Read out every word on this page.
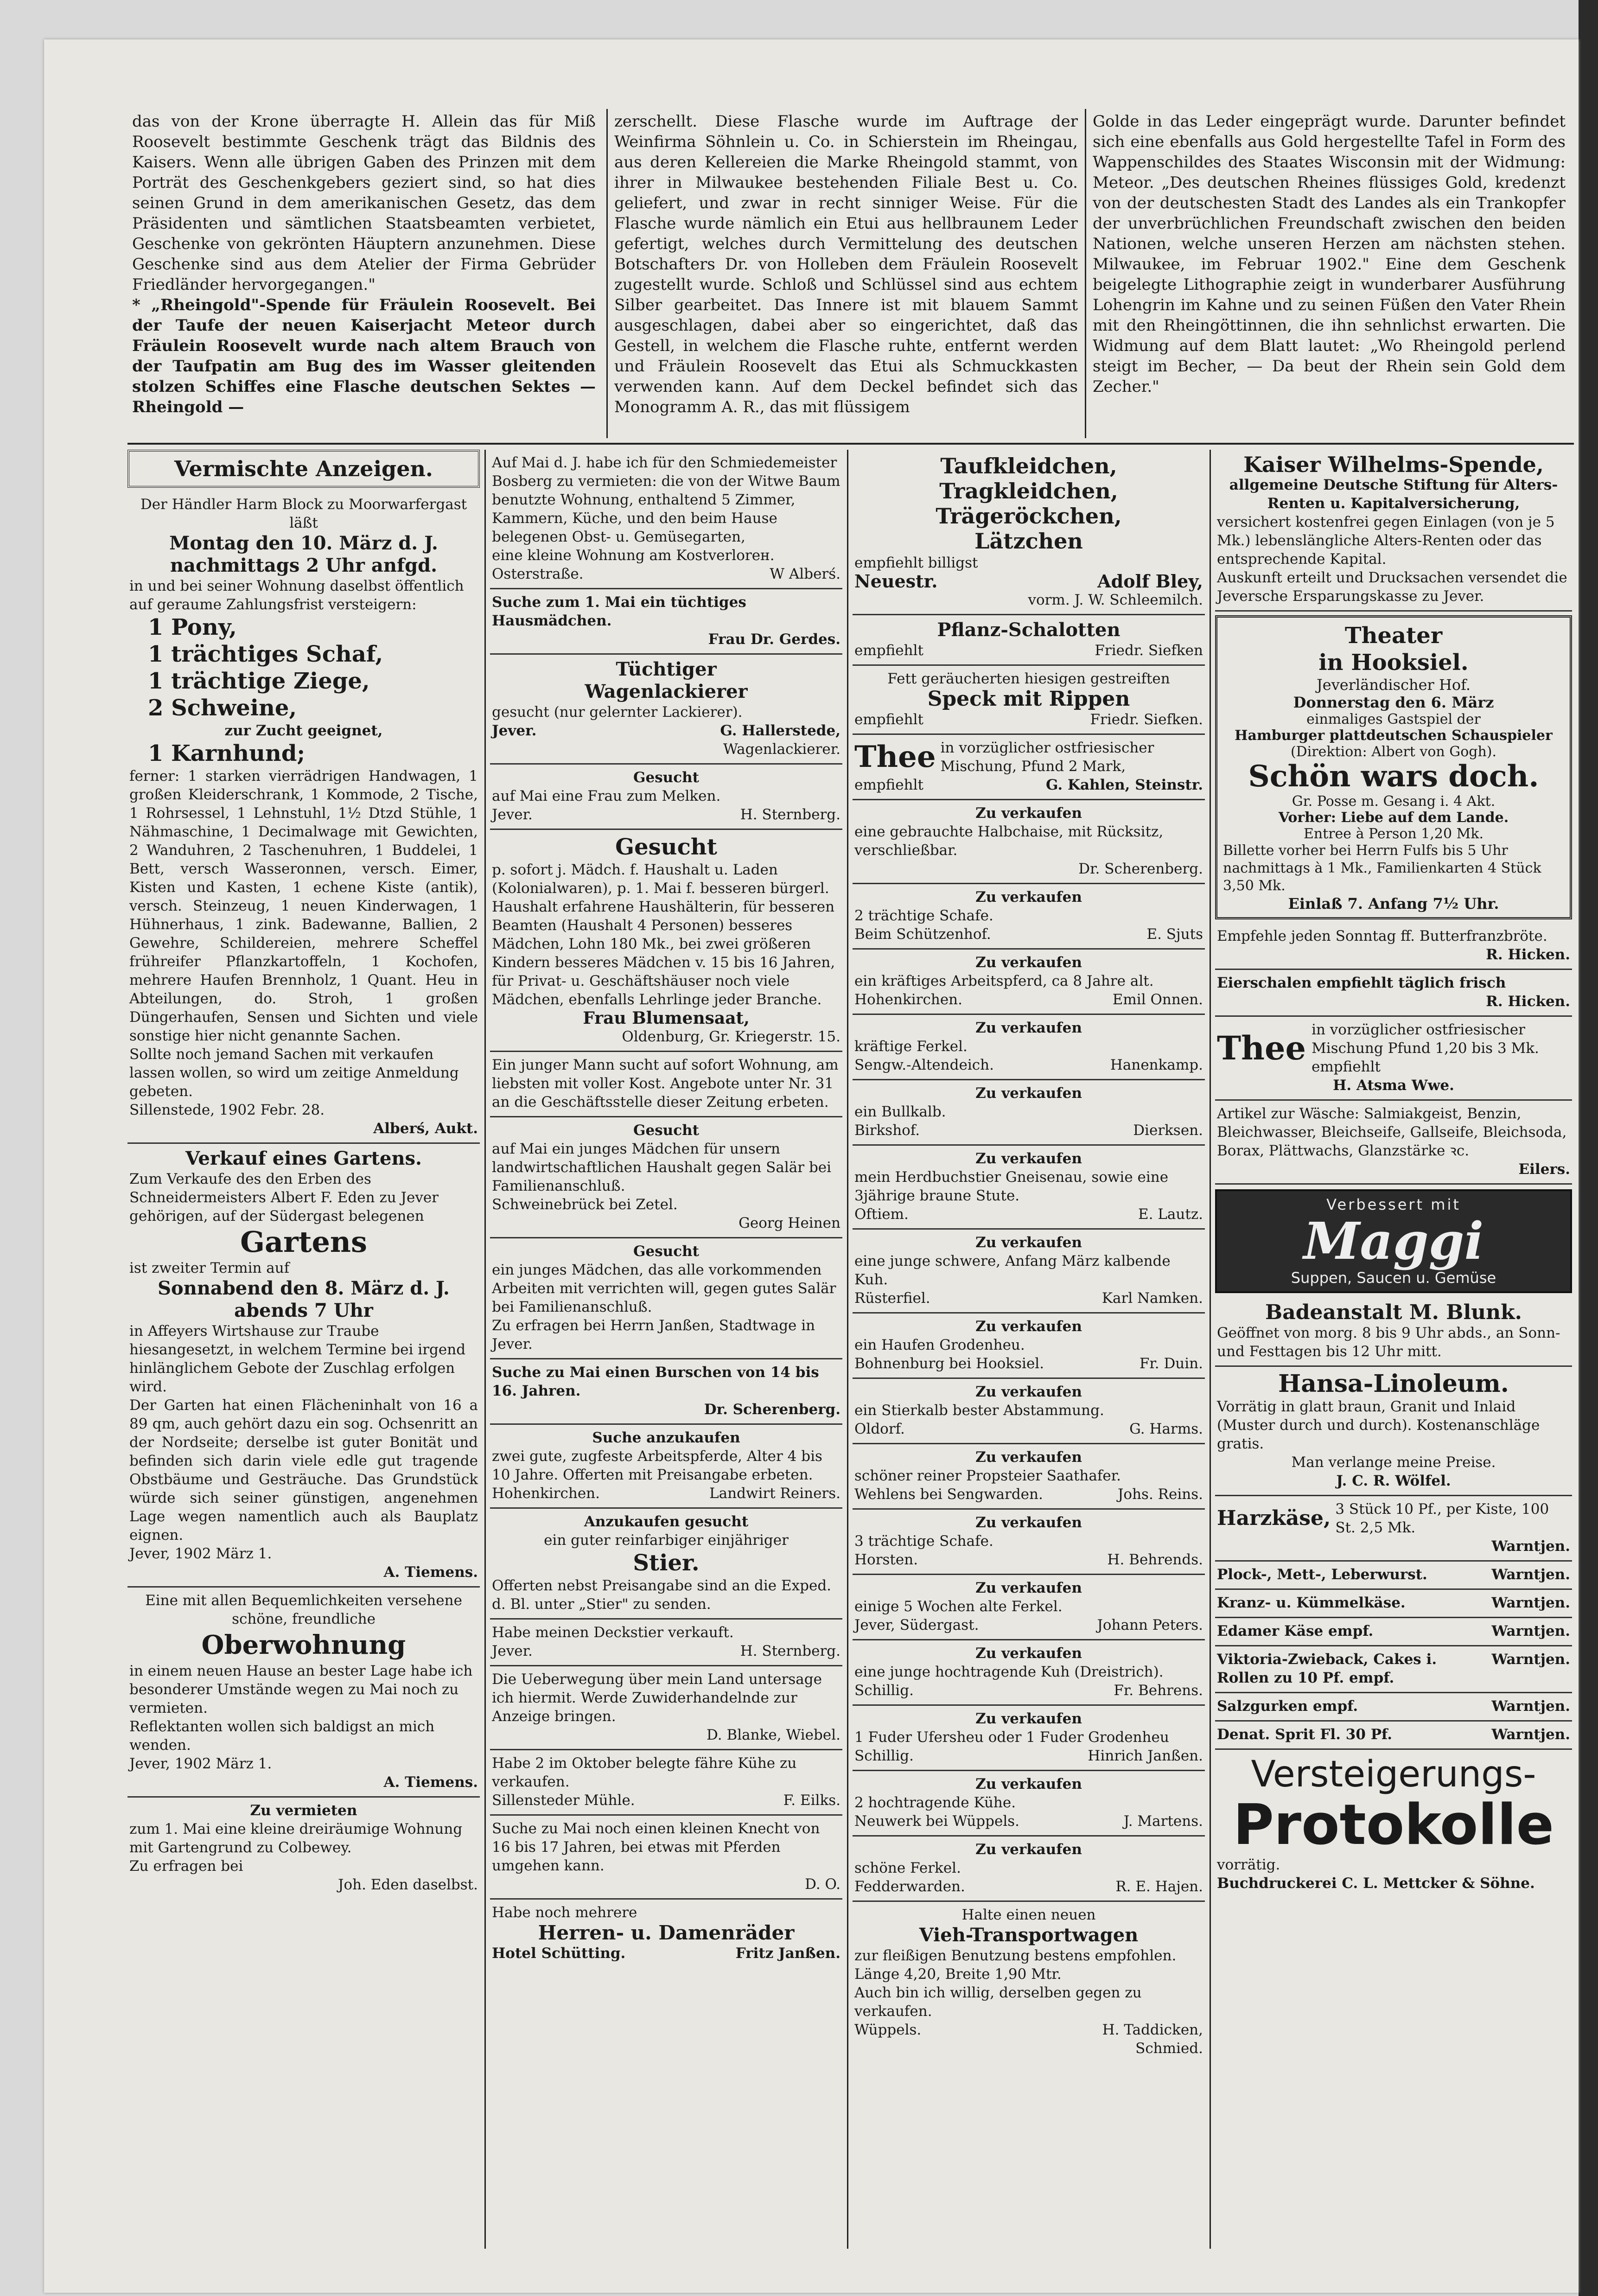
das von der Krone überragte H. Allein das für Miß Roosevelt bestimmte Geschenk trägt das Bildnis des Kaisers. Wenn alle übrigen Gaben des Prinzen mit dem Porträt des Geschenkgebers geziert sind, so hat dies seinen Grund in dem amerikanischen Gesetz, das dem Präsidenten und sämtlichen Staatsbeamten verbietet, Geschenke von gekrönten Häuptern anzunehmen. Diese Geschenke sind aus dem Atelier der Firma Gebrüder Friedländer hervorgegangen."

* „Rheingold"-Spende für Fräulein Roosevelt. Bei der Taufe der neuen Kaiserjacht Meteor durch Fräulein Roosevelt wurde nach altem Brauch von der Taufpatin am Bug des im Wasser gleitenden stolzen Schiffes eine Flasche deutschen Sektes — Rheingold —

zerschellt. Diese Flasche wurde im Auftrage der Weinfirma Söhnlein u. Co. in Schierstein im Rheingau, aus deren Kellereien die Marke Rheingold stammt, von ihrer in Milwaukee bestehenden Filiale Best u. Co. geliefert, und zwar in recht sinniger Weise. Für die Flasche wurde nämlich ein Etui aus hellbraunem Leder gefertigt, welches durch Vermittelung des deutschen Botschafters Dr. von Holleben dem Fräulein Roosevelt zugestellt wurde. Schloß und Schlüssel sind aus echtem Silber gearbeitet. Das Innere ist mit blauem Sammt ausgeschlagen, dabei aber so eingerichtet, daß das Gestell, in welchem die Flasche ruhte, entfernt werden und Fräulein Roosevelt das Etui als Schmuckkasten verwenden kann. Auf dem Deckel befindet sich das Monogramm A. R., das mit flüssigem

Golde in das Leder eingeprägt wurde. Darunter befindet sich eine ebenfalls aus Gold hergestellte Tafel in Form des Wappenschildes des Staates Wisconsin mit der Widmung: Meteor. „Des deutschen Rheines flüssiges Gold, kredenzt von der deutschesten Stadt des Landes als ein Trankopfer der unverbrüchlichen Freundschaft zwischen den beiden Nationen, welche unseren Herzen am nächsten stehen. Milwaukee, im Februar 1902." Eine dem Geschenk beigelegte Lithographie zeigt in wunderbarer Ausführung Lohengrin im Kahne und zu seinen Füßen den Vater Rhein mit den Rheingöttinnen, die ihn sehnlichst erwarten. Die Widmung auf dem Blatt lautet: „Wo Rheingold perlend steigt im Becher, — Da beut der Rhein sein Gold dem Zecher."

Vermischte Anzeigen.

Der Händler Harm Block zu Moorwarfergast läßt

Montag den 10. März d. J. nachmittags 2 Uhr anfgd.

in und bei seiner Wohnung daselbst öffentlich auf geraume Zahlungsfrist versteigern:

1 Pony,

1 trächtiges Schaf,

1 trächtige Ziege,

2 Schweine,

zur Zucht geeignet,

1 Karnhund;

ferner: 1 starken vierrädrigen Handwagen, 1 großen Kleiderschrank, 1 Kommode, 2 Tische, 1 Rohrsessel, 1 Lehnstuhl, 1½ Dtzd Stühle, 1 Nähmaschine, 1 Decimalwage mit Gewichten, 2 Wanduhren, 2 Taschenuhren, 1 Buddelei, 1 Bett, versch Wasseronnen, versch. Eimer, Kisten und Kasten, 1 echene Kiste (antik), versch. Steinzeug, 1 neuen Kinderwagen, 1 Hühnerhaus, 1 zink. Badewanne, Ballien, 2 Gewehre, Schildereien, mehrere Scheffel frühreifer Pflanzkartoffeln, 1 Kochofen, mehrere Haufen Brennholz, 1 Quant. Heu in Abteilungen, do. Stroh, 1 großen Düngerhaufen, Sensen und Sichten und viele sonstige hier nicht genannte Sachen.

Sollte noch jemand Sachen mit verkaufen lassen wollen, so wird um zeitige Anmeldung gebeten.

Sillenstede, 1902 Febr. 28.

Alberś, Aukt.

Verkauf eines Gartens.

Zum Verkaufe des den Erben des Schneidermeisters Albert F. Eden zu Jever gehörigen, auf der Südergast belegenen

Gartens

ist zweiter Termin auf

Sonnabend den 8. März d. J. abends 7 Uhr

in Affeyers Wirtshause zur Traube hiesangesetzt, in welchem Termine bei irgend hinlänglichem Gebote der Zuschlag erfolgen wird.

Der Garten hat einen Flächeninhalt von 16 a 89 qm, auch gehört dazu ein sog. Ochsenritt an der Nordseite; derselbe ist guter Bonität und befinden sich darin viele edle gut tragende Obstbäume und Gesträuche. Das Grundstück würde sich seiner günstigen, angenehmen Lage wegen namentlich auch als Bauplatz eignen.

Jever, 1902 März 1.

A. Tiemens.

Eine mit allen Bequemlichkeiten versehene schöne, freundliche

Oberwohnung

in einem neuen Hause an bester Lage habe ich besonderer Umstände wegen zu Mai noch zu vermieten.

Reflektanten wollen sich baldigst an mich wenden.

Jever, 1902 März 1.

A. Tiemens.

Zu vermieten

zum 1. Mai eine kleine dreiräumige Wohnung mit Gartengrund zu Colbewey.

Zu erfragen bei

Joh. Eden daselbst.

Auf Mai d. J. habe ich für den Schmiedemeister Bosberg zu vermieten: die von der Witwe Baum benutzte Wohnung, enthaltend 5 Zimmer, Kammern, Küche, und den beim Hause belegenen Obst- u. Gemüsegarten,

eine kleine Wohnung am Kostverlorен.

Osterstraße.	W Alberś.

Suche zum 1. Mai ein tüchtiges Hausmädchen.

Frau Dr. Gerdes.

Tüchtiger

Wagenlackierer

gesucht (nur gelernter Lackierer).

Jever.	G. Hallerstede,

Wagenlackierer.

Gesucht

auf Mai eine Frau zum Melken.

Jever.	H. Sternberg.

Gesucht

p. sofort j. Mädch. f. Haushalt u. Laden (Kolonialwaren), p. 1. Mai f. besseren bürgerl. Haushalt erfahrene Haushälterin, für besseren Beamten (Haushalt 4 Personen) besseres Mädchen, Lohn 180 Mk., bei zwei größeren Kindern besseres Mädchen v. 15 bis 16 Jahren, für Privat- u. Geschäftshäuser noch viele Mädchen, ebenfalls Lehrlinge jeder Branche.

Frau Blumensaat,

Oldenburg, Gr. Kriegerstr. 15.

Ein junger Mann sucht auf sofort Wohnung, am liebsten mit voller Kost. Angebote unter Nr. 31 an die Geschäftsstelle dieser Zeitung erbeten.

Gesucht

auf Mai ein junges Mädchen für unsern landwirtschaftlichen Haushalt gegen Salär bei Familienanschluß.

Schweinebrück bei Zetel.

Georg Heinen

Gesucht

ein junges Mädchen, das alle vorkommenden Arbeiten mit verrichten will, gegen gutes Salär bei Familienanschluß.

Zu erfragen bei Herrn Janßen, Stadtwage in Jever.

Suche zu Mai einen Burschen von 14 bis 16. Jahren.

Dr. Scherenberg.

Suche anzukaufen

zwei gute, zugfeste Arbeitspferde, Alter 4 bis 10 Jahre. Offerten mit Preisangabe erbeten.

Hohenkirchen.	Landwirt Reiners.

Anzukaufen gesucht

ein guter reinfarbiger einjähriger

Stier.

Offerten nebst Preisangabe sind an die Exped. d. Bl. unter „Stier" zu senden.

Habe meinen Deckstier verkauft.

Jever.	H. Sternberg.

Die Ueberwegung über mein Land untersage ich hiermit. Werde Zuwiderhandelnde zur Anzeige bringen.

D. Blanke, Wiebel.

Habe 2 im Oktober belegte fähre Kühe zu verkaufen.

Sillensteder Mühle.	F. Eilks.

Suche zu Mai noch einen kleinen Knecht von 16 bis 17 Jahren, bei etwas mit Pferden umgehen kann.

D. O.

Habe noch mehrere

Herren- u. Damenräder

Hotel Schütting.	Fritz Janßen.

Taufkleidchen,

Tragkleidchen,

Trägeröckchen,

Lätzchen

empfiehlt billigst

Neuestr.	Adolf Bley,

vorm. J. W. Schleemilch.

Pflanz-Schalotten

empfiehlt	Friedr. Siefken

Fett geräucherten hiesigen gestreiften

Speck mit Rippen

empfiehlt	Friedr. Siefken.
Thee in vorzüglicher ostfriesischer Mischung, Pfund 2 Mark,
empfiehlt	G. Kahlen, Steinstr.

Zu verkaufen

eine gebrauchte Halbchaise, mit Rücksitz, verschließbar.

Dr. Scherenberg.

Zu verkaufen

2 trächtige Schafe.

Beim Schützenhof.	E. Sjuts

Zu verkaufen

ein kräftiges Arbeitspferd, ca 8 Jahre alt.

Hohenkirchen.	Emil Onnen.

Zu verkaufen

kräftige Ferkel.

Sengw.-Altendeich.	Hanenkamp.

Zu verkaufen

ein Bullkalb.

Birkshof.	Dierksen.

Zu verkaufen

mein Herdbuchstier Gneisenau, sowie eine 3jährige braune Stute.

Oftiem.	E. Lautz.

Zu verkaufen

eine junge schwere, Anfang März kalbende Kuh.

Rüsterfiel.	Karl Namken.

Zu verkaufen

ein Haufen Grodenheu.

Bohnenburg bei Hooksiel.	Fr. Duin.

Zu verkaufen

ein Stierkalb bester Abstammung.

Oldorf.	G. Harms.

Zu verkaufen

schöner reiner Propsteier Saathafer.

Wehlens bei Sengwarden.	Johs. Reins.

Zu verkaufen

3 trächtige Schafe.

Horsten.	H. Behrends.

Zu verkaufen

einige 5 Wochen alte Ferkel.

Jever, Südergast.	Johann Peters.

Zu verkaufen

eine junge hochtragende Kuh (Dreistrich).

Schillig.	Fr. Behrens.

Zu verkaufen

1 Fuder Ufersheu oder 1 Fuder Grodenheu

Schillig.	Hinrich Janßen.

Zu verkaufen

2 hochtragende Kühe.

Neuwerk bei Wüppels.	J. Martens.

Zu verkaufen

schöne Ferkel.

Fedderwarden.	R. E. Hajen.

Halte einen neuen

Vieh-Transportwagen

zur fleißigen Benutzung bestens empfohlen. Länge 4,20, Breite 1,90 Mtr.

Auch bin ich willig, derselben gegen zu verkaufen.

Wüppels.	H. Taddicken,

Schmied.

Kaiser Wilhelms-Spende,

allgemeine Deutsche Stiftung für Alters-Renten u. Kapitalversicherung,

versichert kostenfrei gegen Einlagen (von je 5 Mk.) lebenslängliche Alters-Renten oder das entsprechende Kapital.

Auskunft erteilt und Drucksachen versendet die Jeversche Ersparungskasse zu Jever.

Theater

in Hooksiel.

Jeverländischer Hof.

Donnerstag den 6. März

einmaliges Gastspiel der

Hamburger plattdeutschen Schauspieler

(Direktion: Albert von Gogh).

Schön wars doch.

Gr. Posse m. Gesang i. 4 Akt.

Vorher: Liebe auf dem Lande.

Entree à Person 1,20 Mk.

Billette vorher bei Herrn Fulfs bis 5 Uhr nachmittags à 1 Mk., Familienkarten 4 Stück 3,50 Mk.

Einlaß 7. Anfang 7½ Uhr.

Empfehle jeden Sonntag ff. Butterfranzbröte.

R. Hicken.

Eierschalen empfiehlt täglich frisch

R. Hicken.

Thee in vorzüglicher ostfriesischer Mischung Pfund 1,20 bis 3 Mk. empfiehlt

H. Atsma Wwe.

Artikel zur Wäsche: Salmiakgeist, Benzin, Bleichwasser, Bleichseife, Gallseife, Bleichsoda, Borax, Plättwachs, Glanzstärke ꝛc.

Eilers.

Verbessert mit
Maggi
Suppen, Saucen u. Gemüse

Badeanstalt M. Blunk.

Geöffnet von morg. 8 bis 9 Uhr abds., an Sonn- und Festtagen bis 12 Uhr mitt.

Hansa-Linoleum.

Vorrätig in glatt braun, Granit und Inlaid (Muster durch und durch). Kostenanschläge gratis.

Man verlange meine Preise.

J. C. R. Wölfel.

Harzkäse, 3 Stück 10 Pf., per Kiste, 100 St. 2,5 Mk.

Warntjen.

Plock-, Mett-, Leberwurst.	Warntjen.
Kranz- u. Kümmelkäse.	Warntjen.
Edamer Käse empf.	Warntjen.
Viktoria-Zwieback, Cakes i. Rollen zu 10 Pf. empf.
Warntjen.
Salzgurken empf.	Warntjen.
Denat. Sprit Fl. 30 Pf.	Warntjen.

Versteigerungs-

Protokolle

vorrätig.

Buchdruckerei C. L. Mettcker & Söhne.
